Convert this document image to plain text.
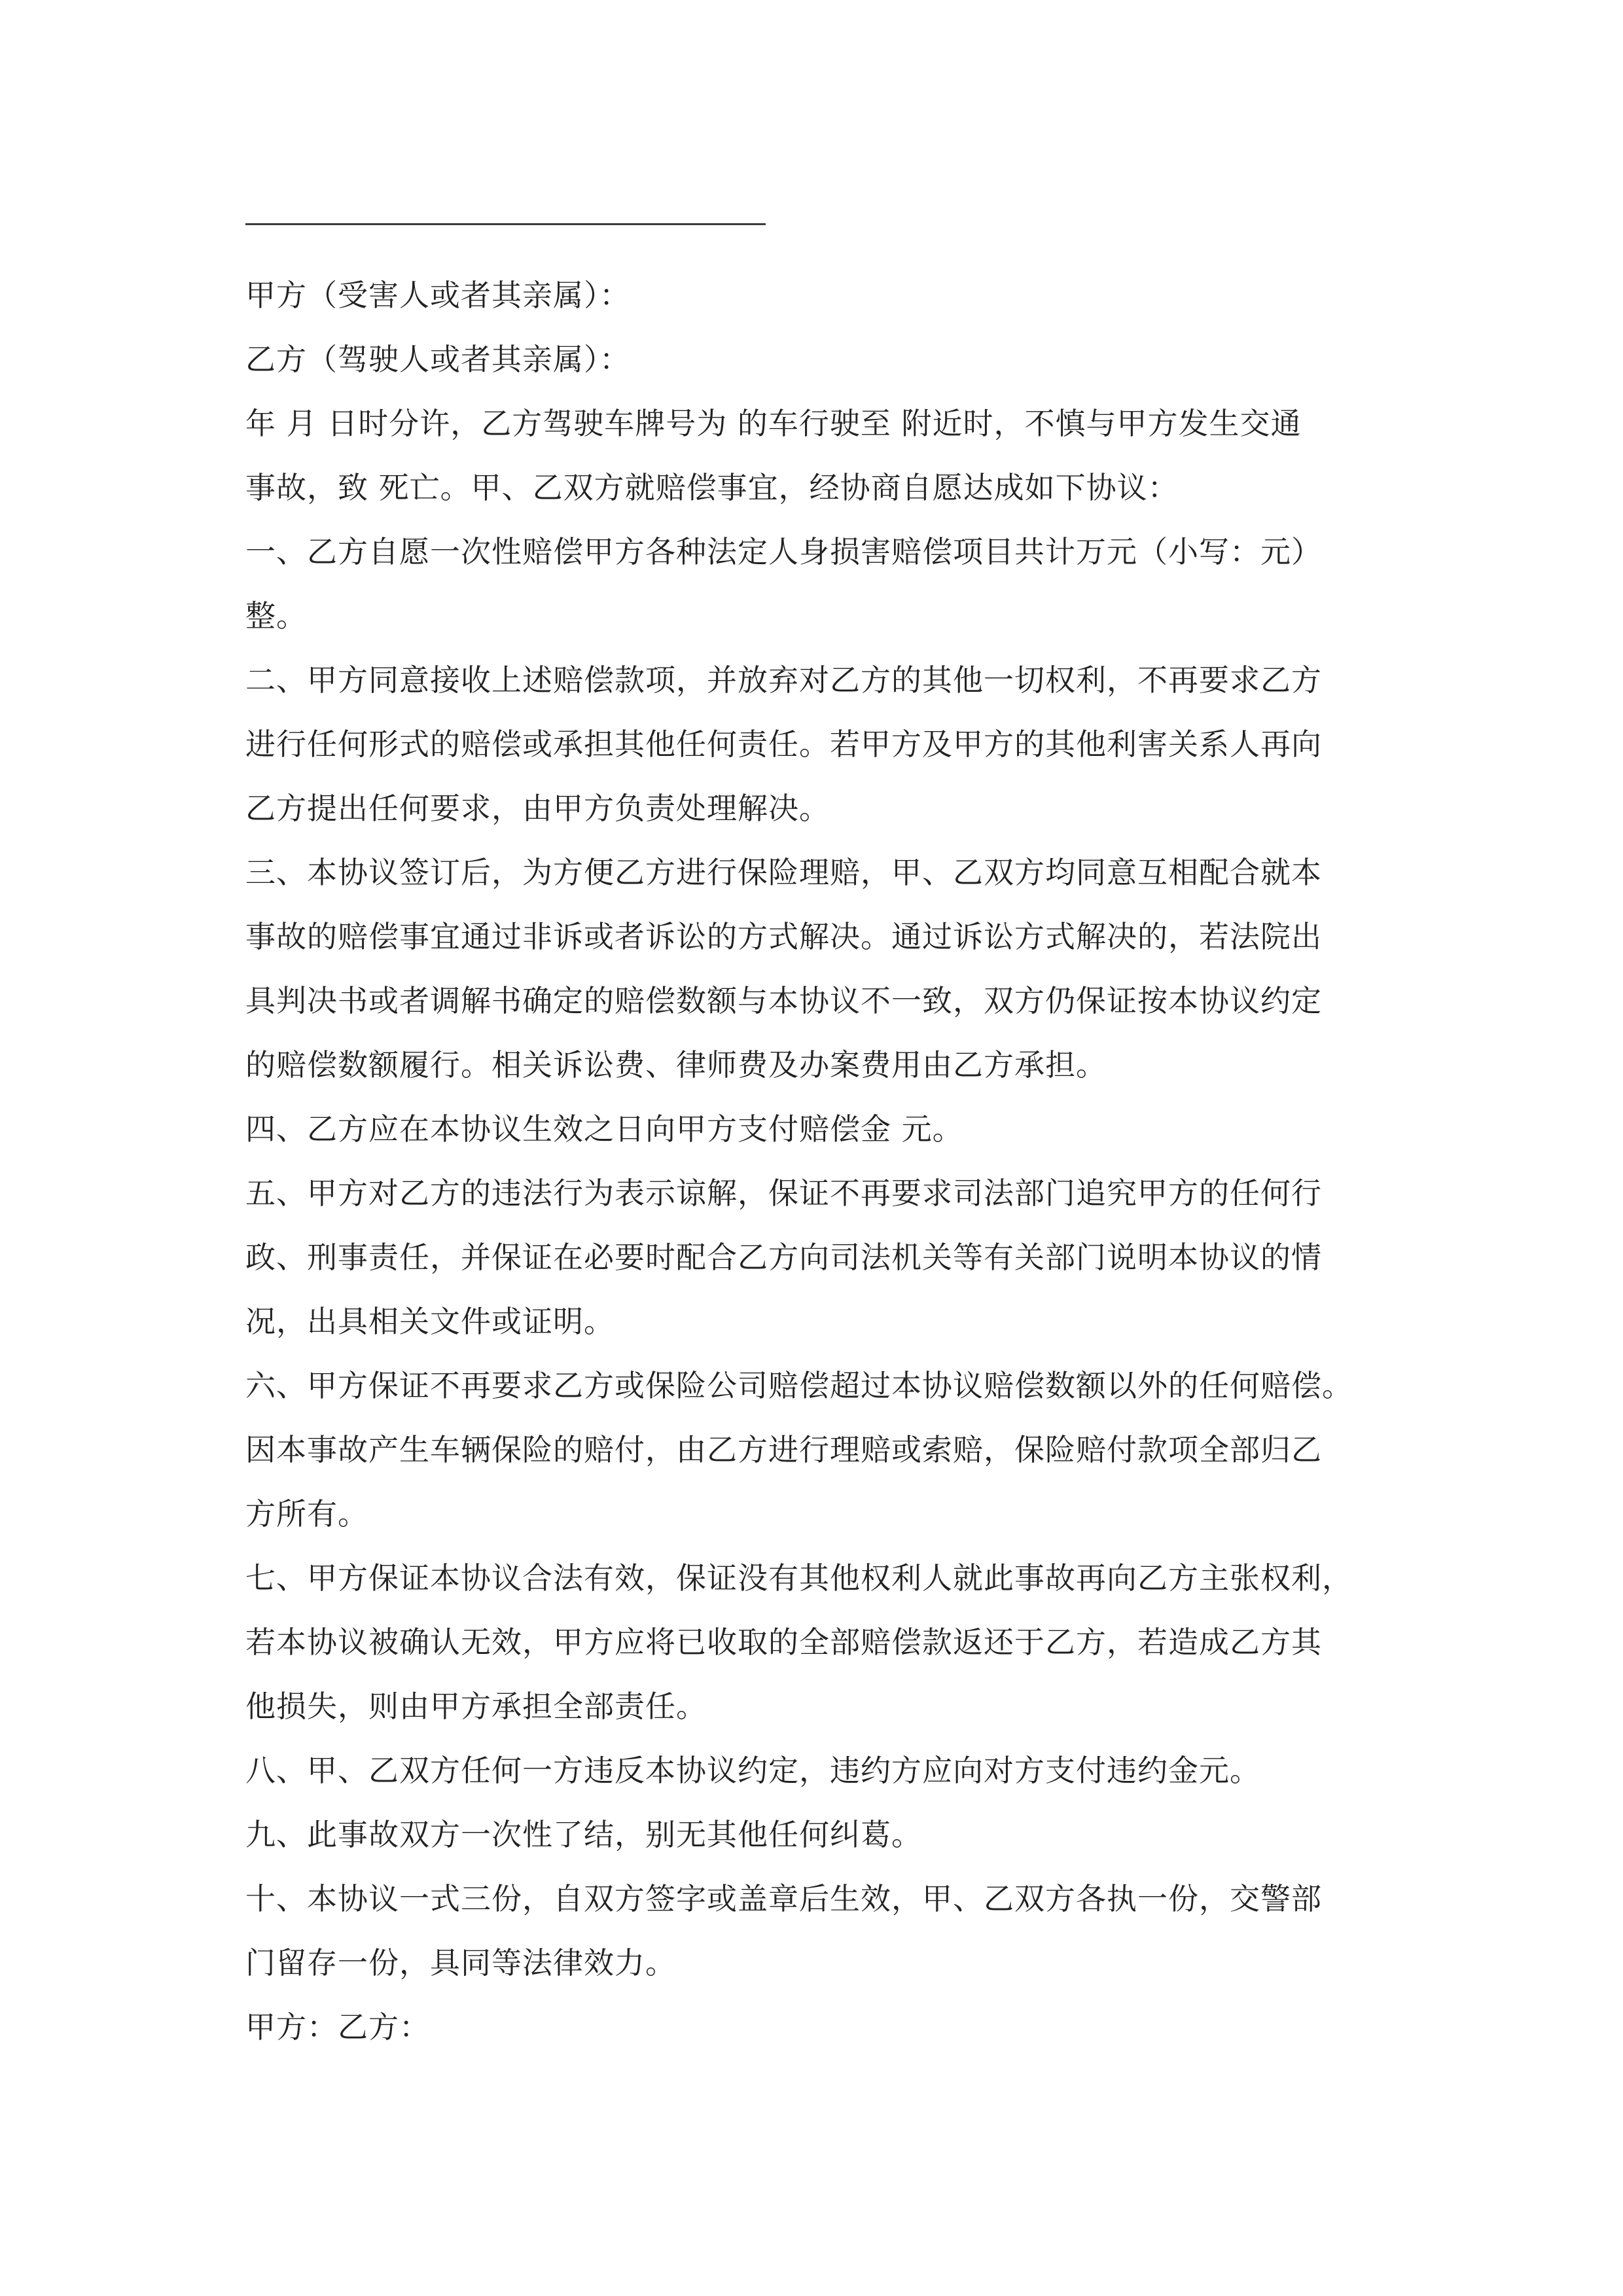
甲方（受害人或者其亲属）：
乙方（驾驶人或者其亲属）：
年 月 日时分许，乙方驾驶车牌号为 的车行驶至 附近时，不慎与甲方发生交通
事故，致 死亡。甲、乙双方就赔偿事宜，经协商自愿达成如下协议：
一、乙方自愿一次性赔偿甲方各种法定人身损害赔偿项目共计万元（小写：元）
整。
二、甲方同意接收上述赔偿款项，并放弃对乙方的其他一切权利，不再要求乙方
进行任何形式的赔偿或承担其他任何责任。若甲方及甲方的其他利害关系人再向
乙方提出任何要求，由甲方负责处理解决。
三、本协议签订后，为方便乙方进行保险理赔，甲、乙双方均同意互相配合就本
事故的赔偿事宜通过非诉或者诉讼的方式解决。通过诉讼方式解决的，若法院出
具判决书或者调解书确定的赔偿数额与本协议不一致，双方仍保证按本协议约定
的赔偿数额履行。相关诉讼费、律师费及办案费用由乙方承担。
四、乙方应在本协议生效之日向甲方支付赔偿金 元。
五、甲方对乙方的违法行为表示谅解，保证不再要求司法部门追究甲方的任何行
政、刑事责任，并保证在必要时配合乙方向司法机关等有关部门说明本协议的情
况，出具相关文件或证明。
六、甲方保证不再要求乙方或保险公司赔偿超过本协议赔偿数额以外的任何赔偿。
因本事故产生车辆保险的赔付，由乙方进行理赔或索赔，保险赔付款项全部归乙
方所有。
七、甲方保证本协议合法有效，保证没有其他权利人就此事故再向乙方主张权利，
若本协议被确认无效，甲方应将已收取的全部赔偿款返还于乙方，若造成乙方其
他损失，则由甲方承担全部责任。
八、甲、乙双方任何一方违反本协议约定，违约方应向对方支付违约金元。
九、此事故双方一次性了结，别无其他任何纠葛。
十、本协议一式三份，自双方签字或盖章后生效，甲、乙双方各执一份，交警部
门留存一份，具同等法律效力。
甲方：乙方：
